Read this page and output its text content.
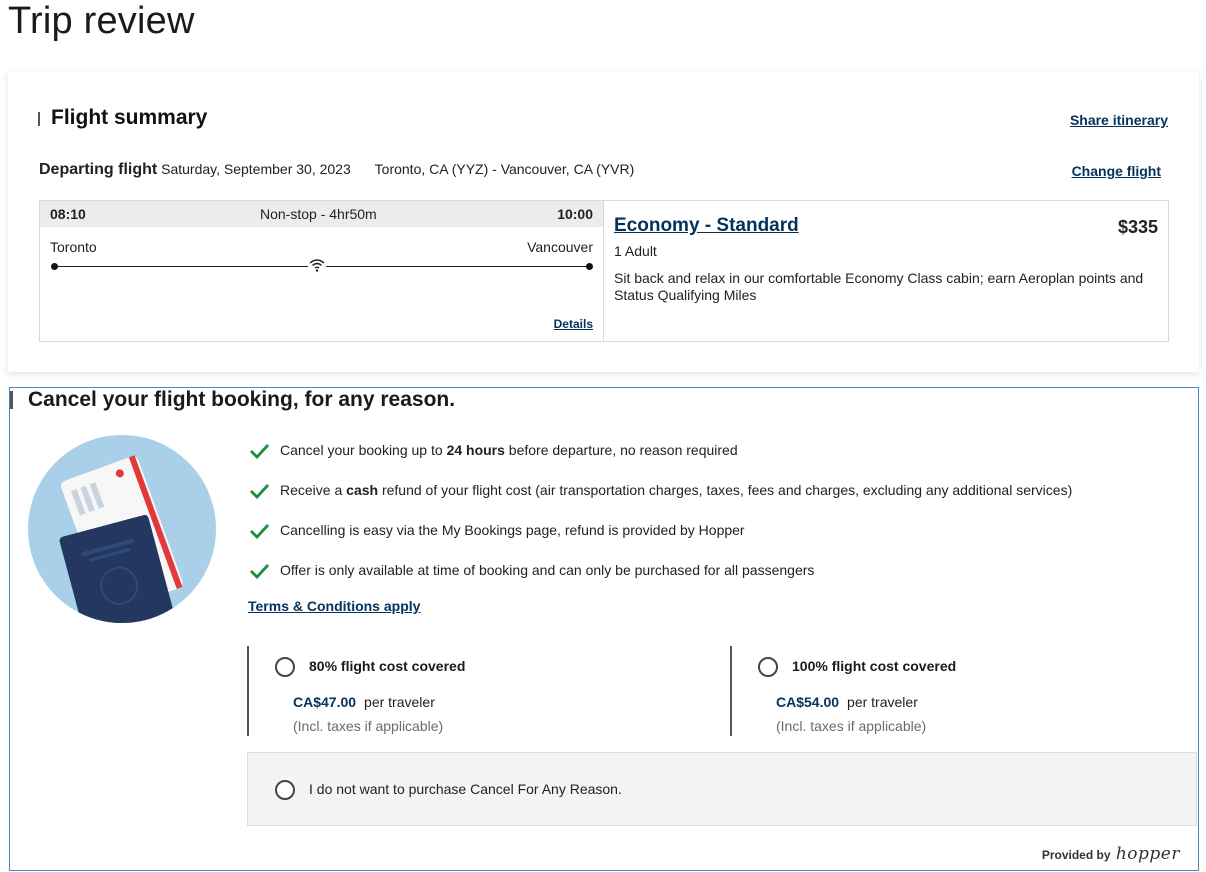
Trip review
Flight summary	Share itinerary
Departing flight Saturday, September 30, 2023 Toronto, CA (YYZ) - Vancouver, CA (YVR)	Change flight
08:10	Non-stop - 4hr50m	10:00
Toronto	Vancouver
Details
Economy - Standard	$335
1 Adult

Sit back and relax in our comfortable Economy Class cabin; earn Aeroplan points and Status Qualifying Miles

Cancel your flight booking, for any reason.
Cancel your booking up to 24 hours before departure, no reason required
Receive a cash refund of your flight cost (air transportation charges, taxes, fees and charges, excluding any additional services)
Cancelling is easy via the My Bookings page, refund is provided by Hopper
Offer is only available at time of booking and can only be purchased for all passengers
Terms & Conditions apply
80% flight cost covered
CA$47.00 per traveler
(Incl. taxes if applicable)
100% flight cost covered
CA$54.00 per traveler
(Incl. taxes if applicable)
I do not want to purchase Cancel For Any Reason.
Provided by hopper
